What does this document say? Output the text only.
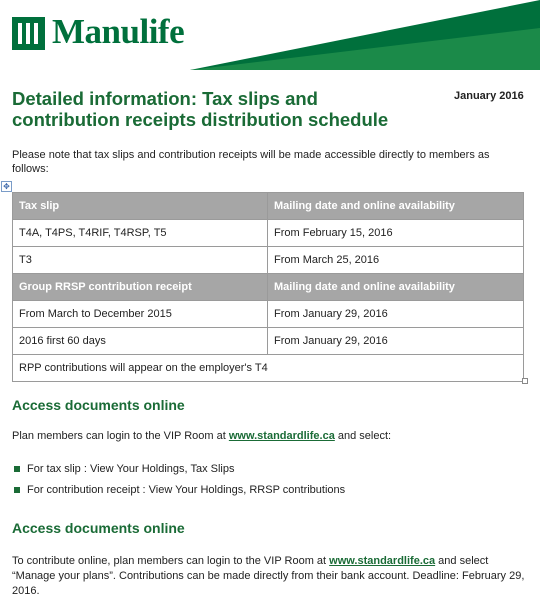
Manulife
Detailed information: Tax slips and contribution receipts distribution schedule
January 2016
Please note that tax slips and contribution receipts will be made accessible directly to members as follows:
✥
Tax slip	Mailing date and online availability
T4A, T4PS, T4RIF, T4RSP, T5	From February 15, 2016
T3	From March 25, 2016
Group RRSP contribution receipt	Mailing date and online availability
From March to December 2015	From January 29, 2016
2016 first 60 days	From January 29, 2016
RPP contributions will appear on the employer's T4	
Access documents online
Plan members can login to the VIP Room at www.standardlife.ca and select:
For tax slip : View Your Holdings, Tax Slips
For contribution receipt : View Your Holdings, RRSP contributions
Access documents online
To contribute online, plan members can login to the VIP Room at www.standardlife.ca and select “Manage your plans”. Contributions can be made directly from their bank account. Deadline: February 29, 2016.
